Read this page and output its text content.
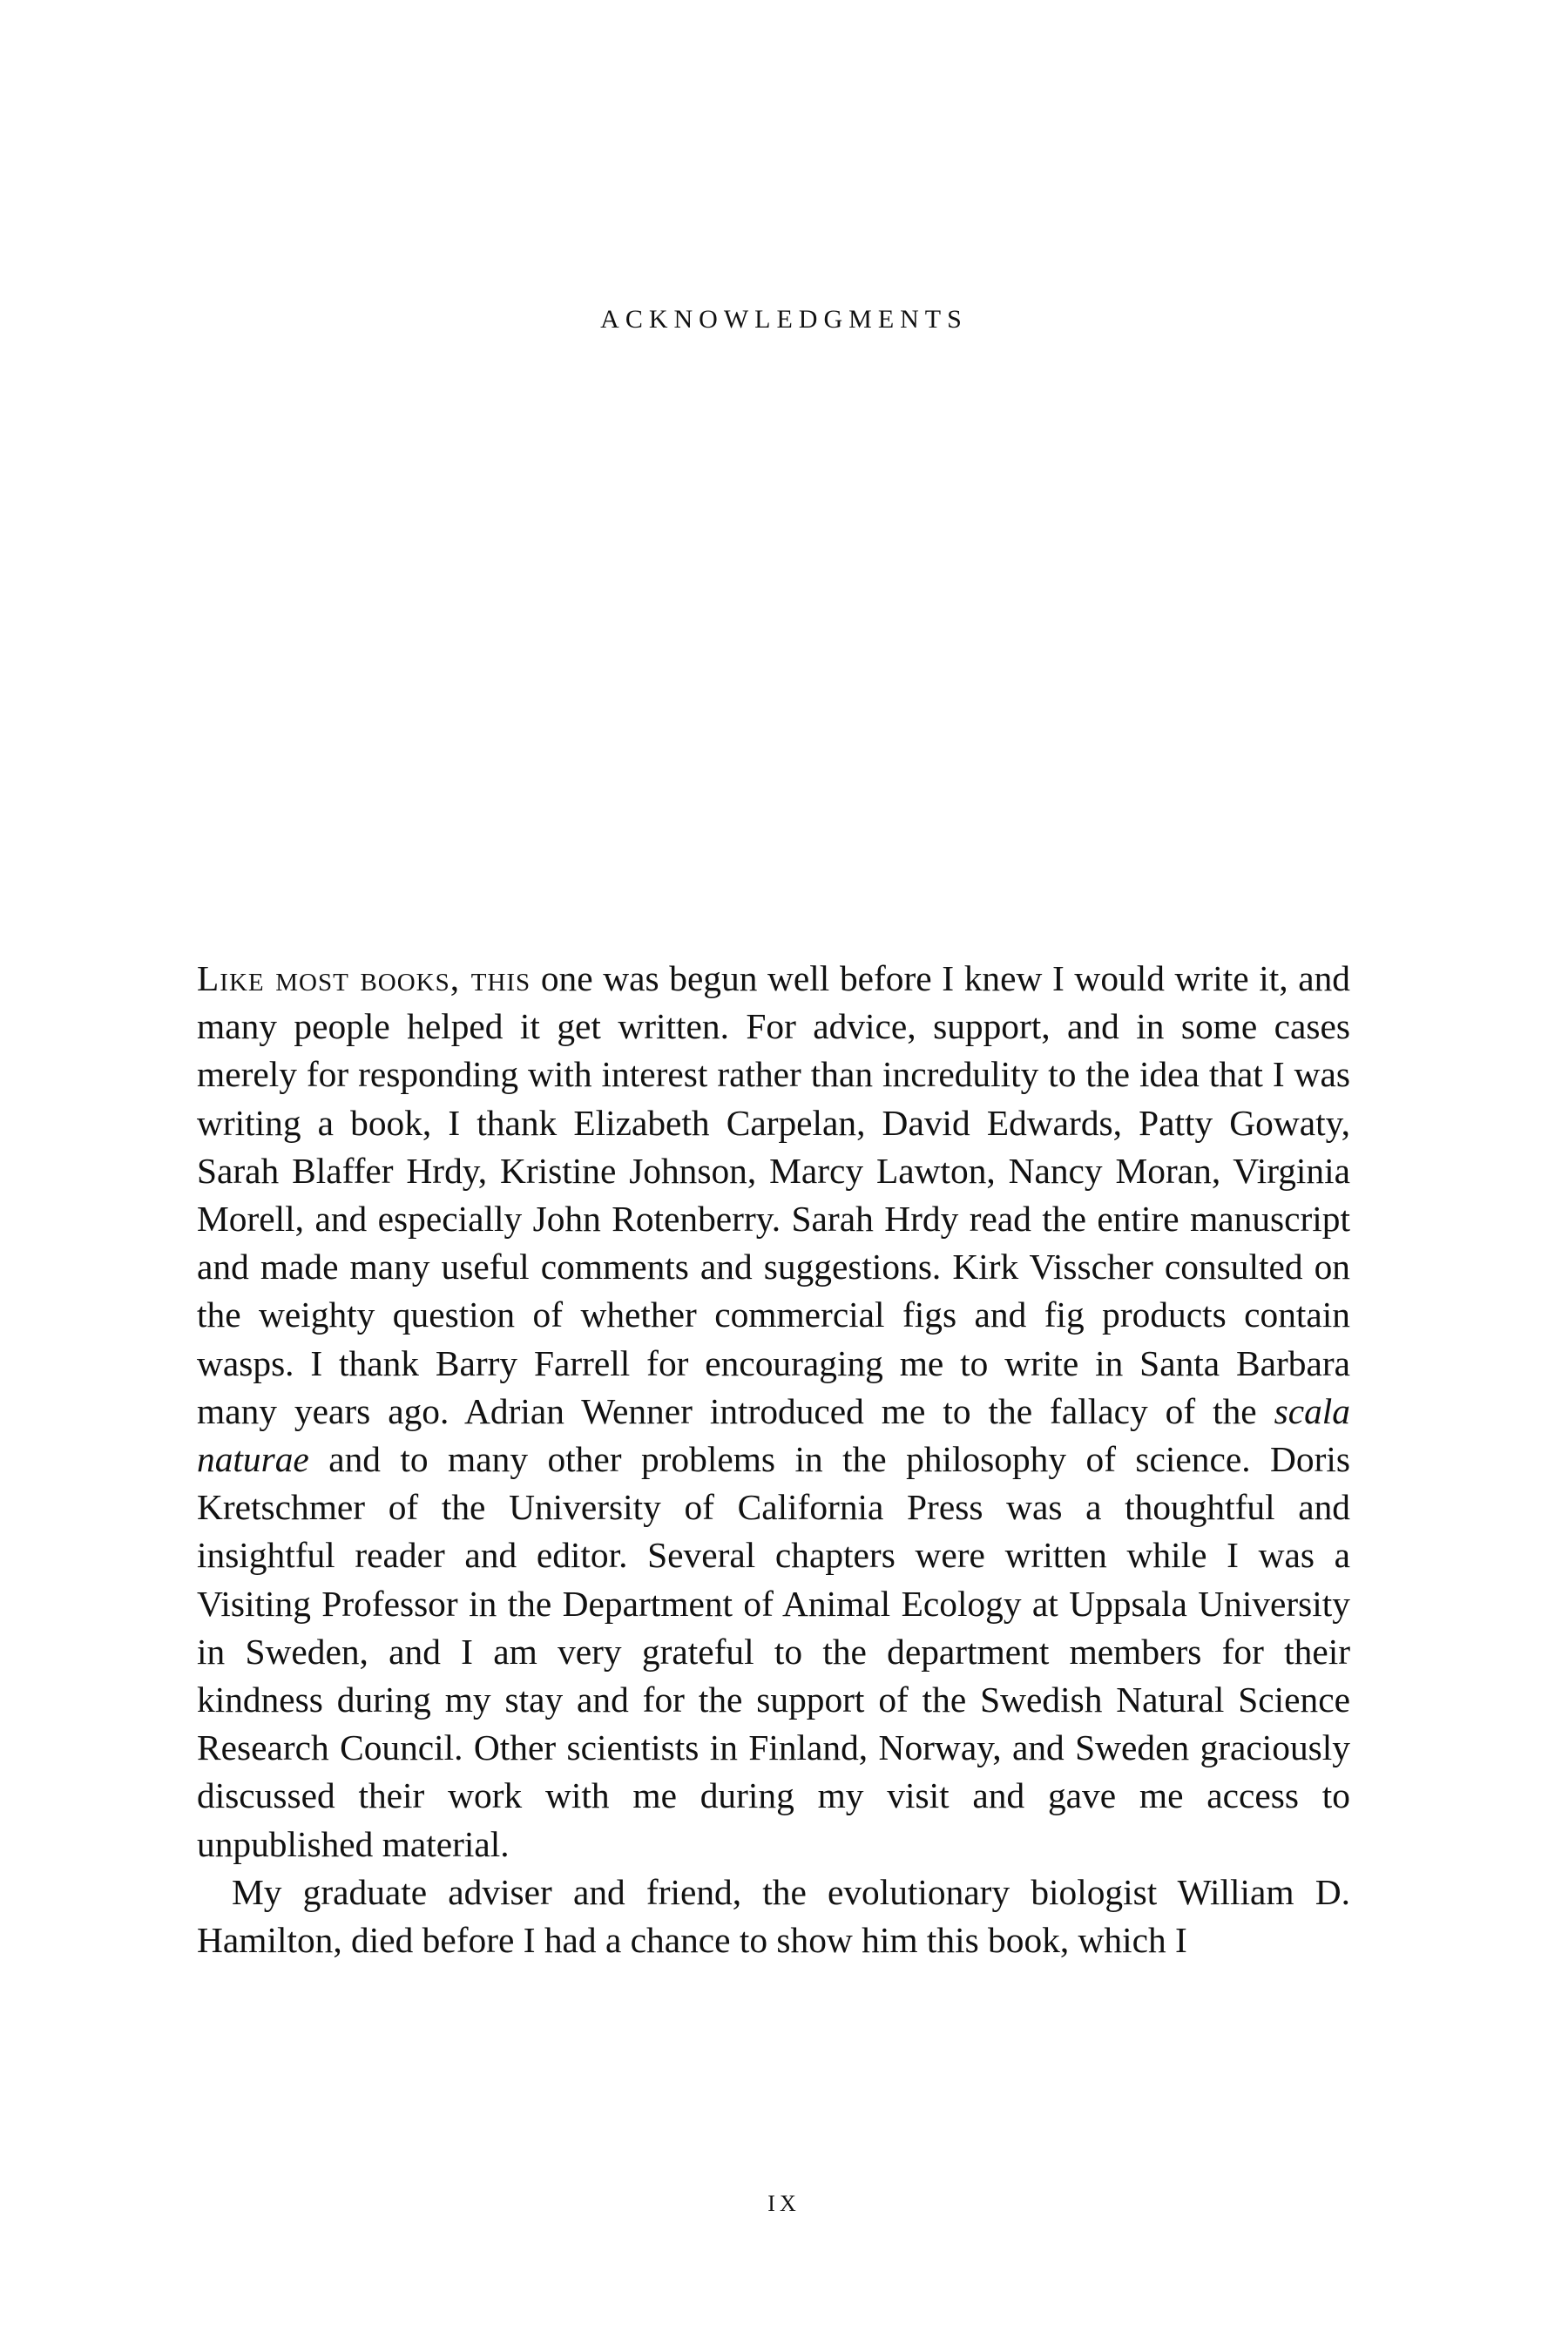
ACKNOWLEDGMENTS

Like most books, this one was begun well before I knew I would write it, and many people helped it get written. For advice, support, and in some cases merely for responding with interest rather than incredulity to the idea that I was writing a book, I thank Elizabeth Carpelan, David Edwards, Patty Gowaty, Sarah Blaffer Hrdy, Kristine Johnson, Marcy Lawton, Nancy Moran, Virginia Morell, and especially John Rotenberry. Sarah Hrdy read the entire manuscript and made many useful comments and suggestions. Kirk Visscher consulted on the weighty question of whether commercial figs and fig products contain wasps. I thank Barry Farrell for encouraging me to write in Santa Barbara many years ago. Adrian Wenner introduced me to the fallacy of the scala naturae and to many other problems in the philosophy of science. Doris Kretschmer of the University of California Press was a thoughtful and insightful reader and editor. Several chapters were written while I was a Visiting Professor in the Department of Animal Ecology at Uppsala University in Sweden, and I am very grateful to the department members for their kindness during my stay and for the support of the Swedish Natural Science Research Council. Other scientists in Finland, Norway, and Sweden graciously discussed their work with me during my visit and gave me access to unpublished material.

My graduate adviser and friend, the evolutionary biologist William D. Hamilton, died before I had a chance to show him this book, which I

IX
